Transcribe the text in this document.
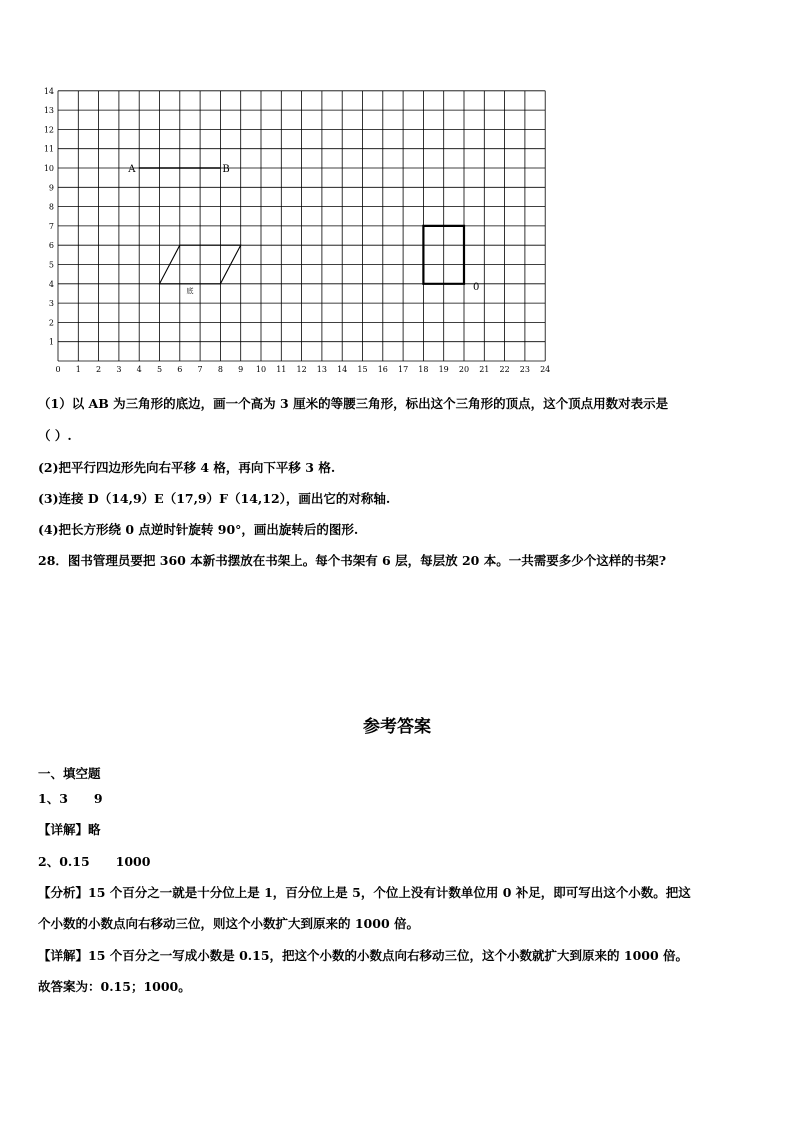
1
2
3
4
5
6
7
8
9
10
11
12
13
14
0 1 2 3 4 5 6 7 8 9 10 11 12 13 14 15 16 17 18 19 20 21 22 23 24
A	B
底	0
（1）以 AB 为三角形的底边，画一个高为 3 厘米的等腰三角形，标出这个三角形的顶点，这个顶点用数对表示是
（ ）.
(2)把平行四边形先向右平移 4 格，再向下平移 3 格.
(3)连接 D（14,9）E（17,9）F（14,12），画出它的对称轴.
(4)把长方形绕 0 点逆时针旋转 90°，画出旋转后的图形.
28．图书管理员要把 360 本新书摆放在书架上。每个书架有 6 层，每层放 20 本。一共需要多少个这样的书架?
参考答案
一、填空题
1、3 9
【详解】略
2、0.15 1000
【分析】15 个百分之一就是十分位上是 1，百分位上是 5，个位上没有计数单位用 0 补足，即可写出这个小数。把这
个小数的小数点向右移动三位，则这个小数扩大到原来的 1000 倍。
【详解】15 个百分之一写成小数是 0.15，把这个小数的小数点向右移动三位，这个小数就扩大到原来的 1000 倍。
故答案为：0.15；1000。
